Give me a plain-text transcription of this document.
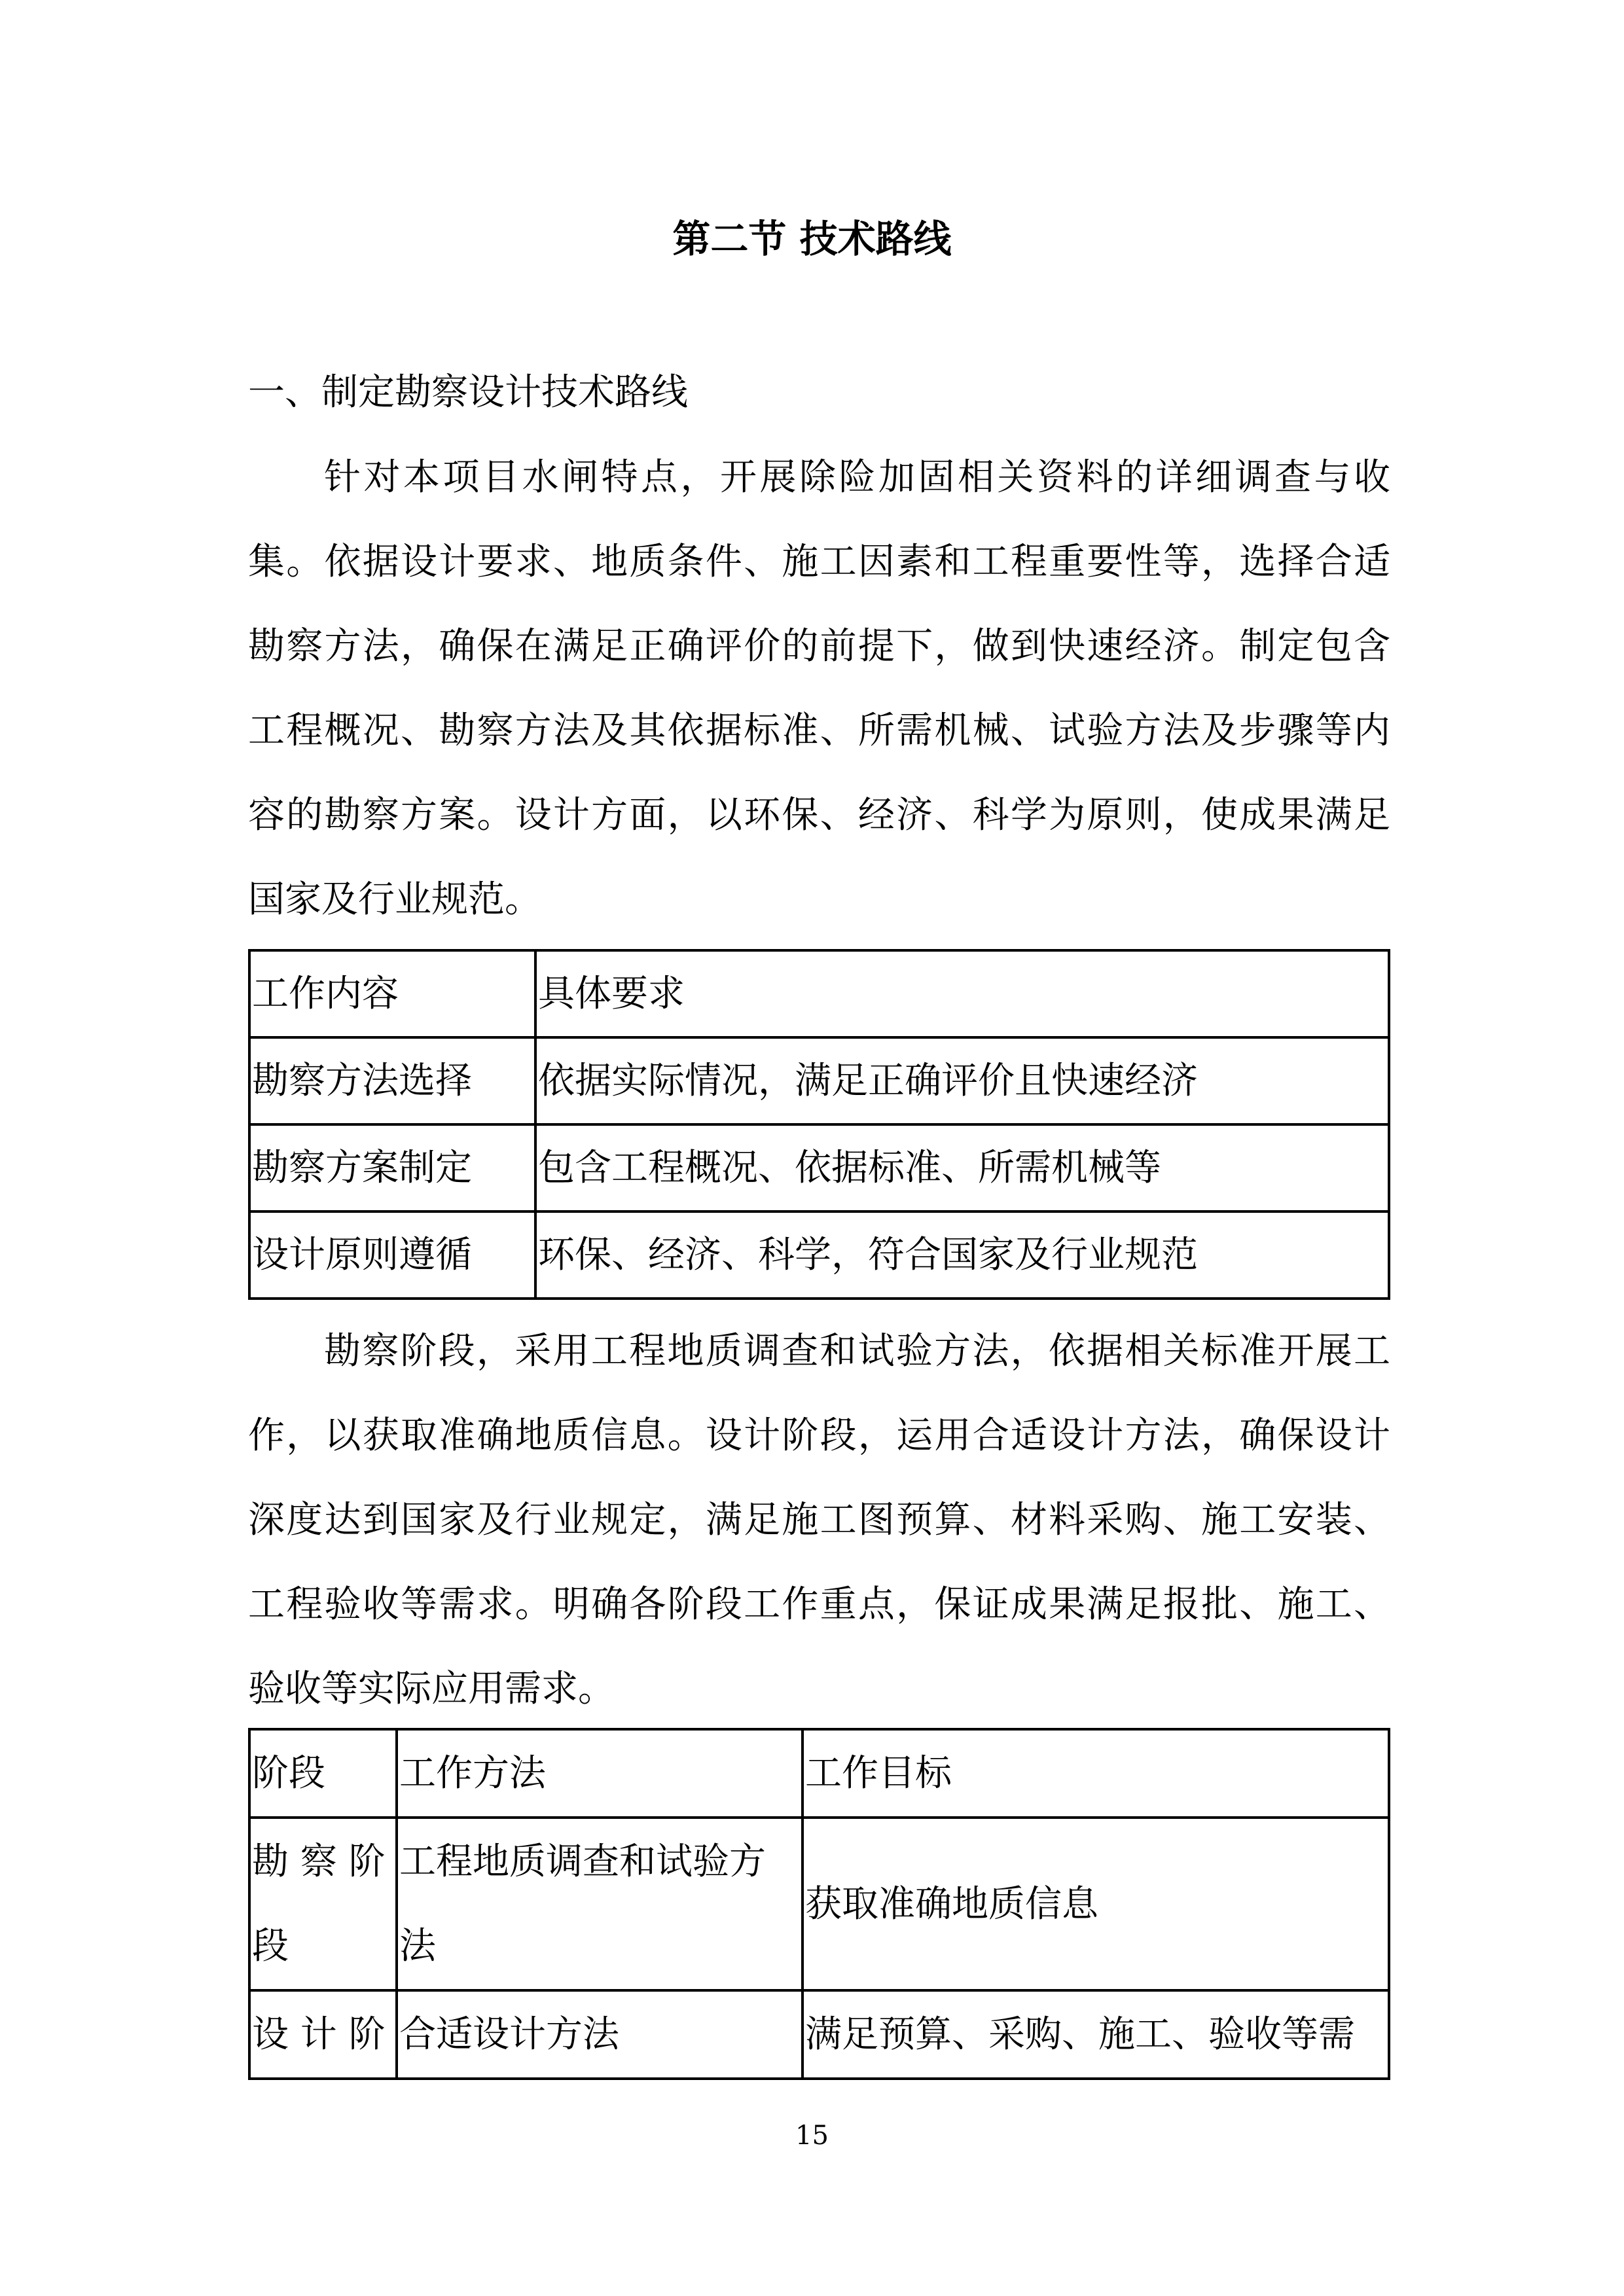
第二节 技术路线
一、制定勘察设计技术路线
针对本项目水闸特点，开展除险加固相关资料的详细调查与收
集。依据设计要求、地质条件、施工因素和工程重要性等，选择合适
勘察方法，确保在满足正确评价的前提下，做到快速经济。制定包含
工程概况、勘察方法及其依据标准、所需机械、试验方法及步骤等内
容的勘察方案。设计方面，以环保、经济、科学为原则，使成果满足
国家及行业规范。
工作内容	具体要求
勘察方法选择	依据实际情况，满足正确评价且快速经济
勘察方案制定	包含工程概况、依据标准、所需机械等
设计原则遵循	环保、经济、科学，符合国家及行业规范
勘察阶段，采用工程地质调查和试验方法，依据相关标准开展工
作，以获取准确地质信息。设计阶段，运用合适设计方法，确保设计
深度达到国家及行业规定，满足施工图预算、材料采购、施工安装、
工程验收等需求。明确各阶段工作重点，保证成果满足报批、施工、
验收等实际应用需求。
阶段	工作方法	工作目标
勘 察 阶段	工程地质调查和试验方法	获取准确地质信息
设 计 阶	合适设计方法	满足预算、采购、施工、验收等需
15
